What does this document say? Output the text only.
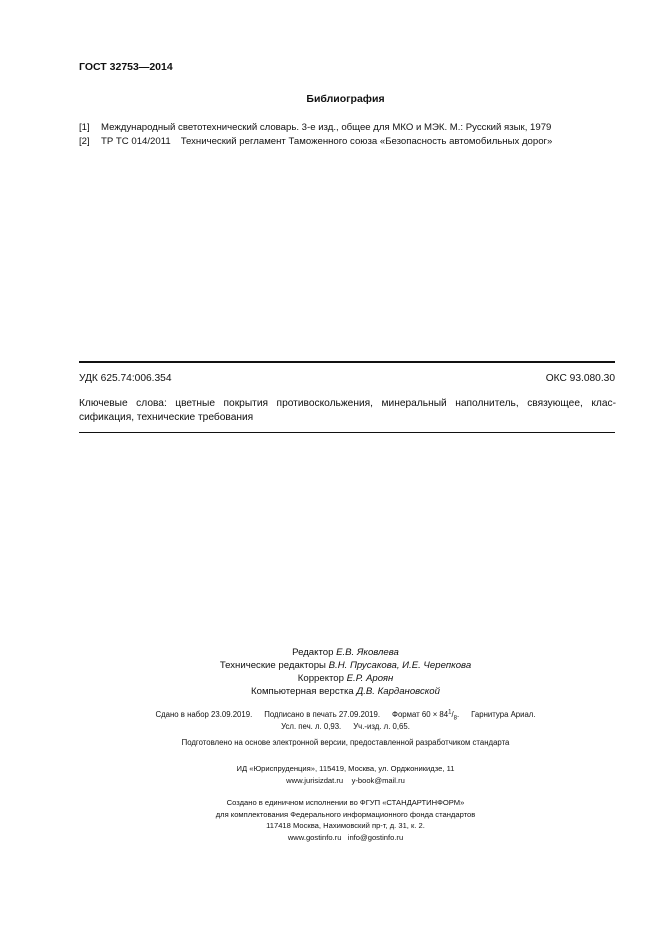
ГОСТ 32753—2014
Библиография
[1] Международный светотехнический словарь. 3-е изд., общее для МКО и МЭК. М.: Русский язык, 1979
[2] ТР ТС 014/2011 Технический регламент Таможенного союза «Безопасность автомобильных дорог»
УДК 625.74:006.354	ОКС 93.080.30
Ключевые слова: цветные покрытия противоскольжения, минеральный наполнитель, связующее, клас-
сификация, технические требования
Редактор Е.В. Яковлева
Технические редакторы В.Н. Прусакова, И.Е. Черепкова
Корректор Е.Р. Ароян
Компьютерная верстка Д.В. Кардановской
Сдано в набор 23.09.2019. Подписано в печать 27.09.2019. Формат $60 \times 84^1/_8$. Гарнитура Ариал.
Усл. печ. л. 0,93. Уч.-изд. л. 0,65.
Подготовлено на основе электронной версии, предоставленной разработчиком стандарта
ИД «Юриспруденция», 115419, Москва, ул. Орджоникидзе, 11
www.jurisizdat.ru y-book@mail.ru
Создано в единичном исполнении во ФГУП «СТАНДАРТИНФОРМ»
для комплектования Федерального информационного фонда стандартов
117418 Москва, Нахимовский пр-т, д. 31, к. 2.
www.gostinfo.ru info@gostinfo.ru
